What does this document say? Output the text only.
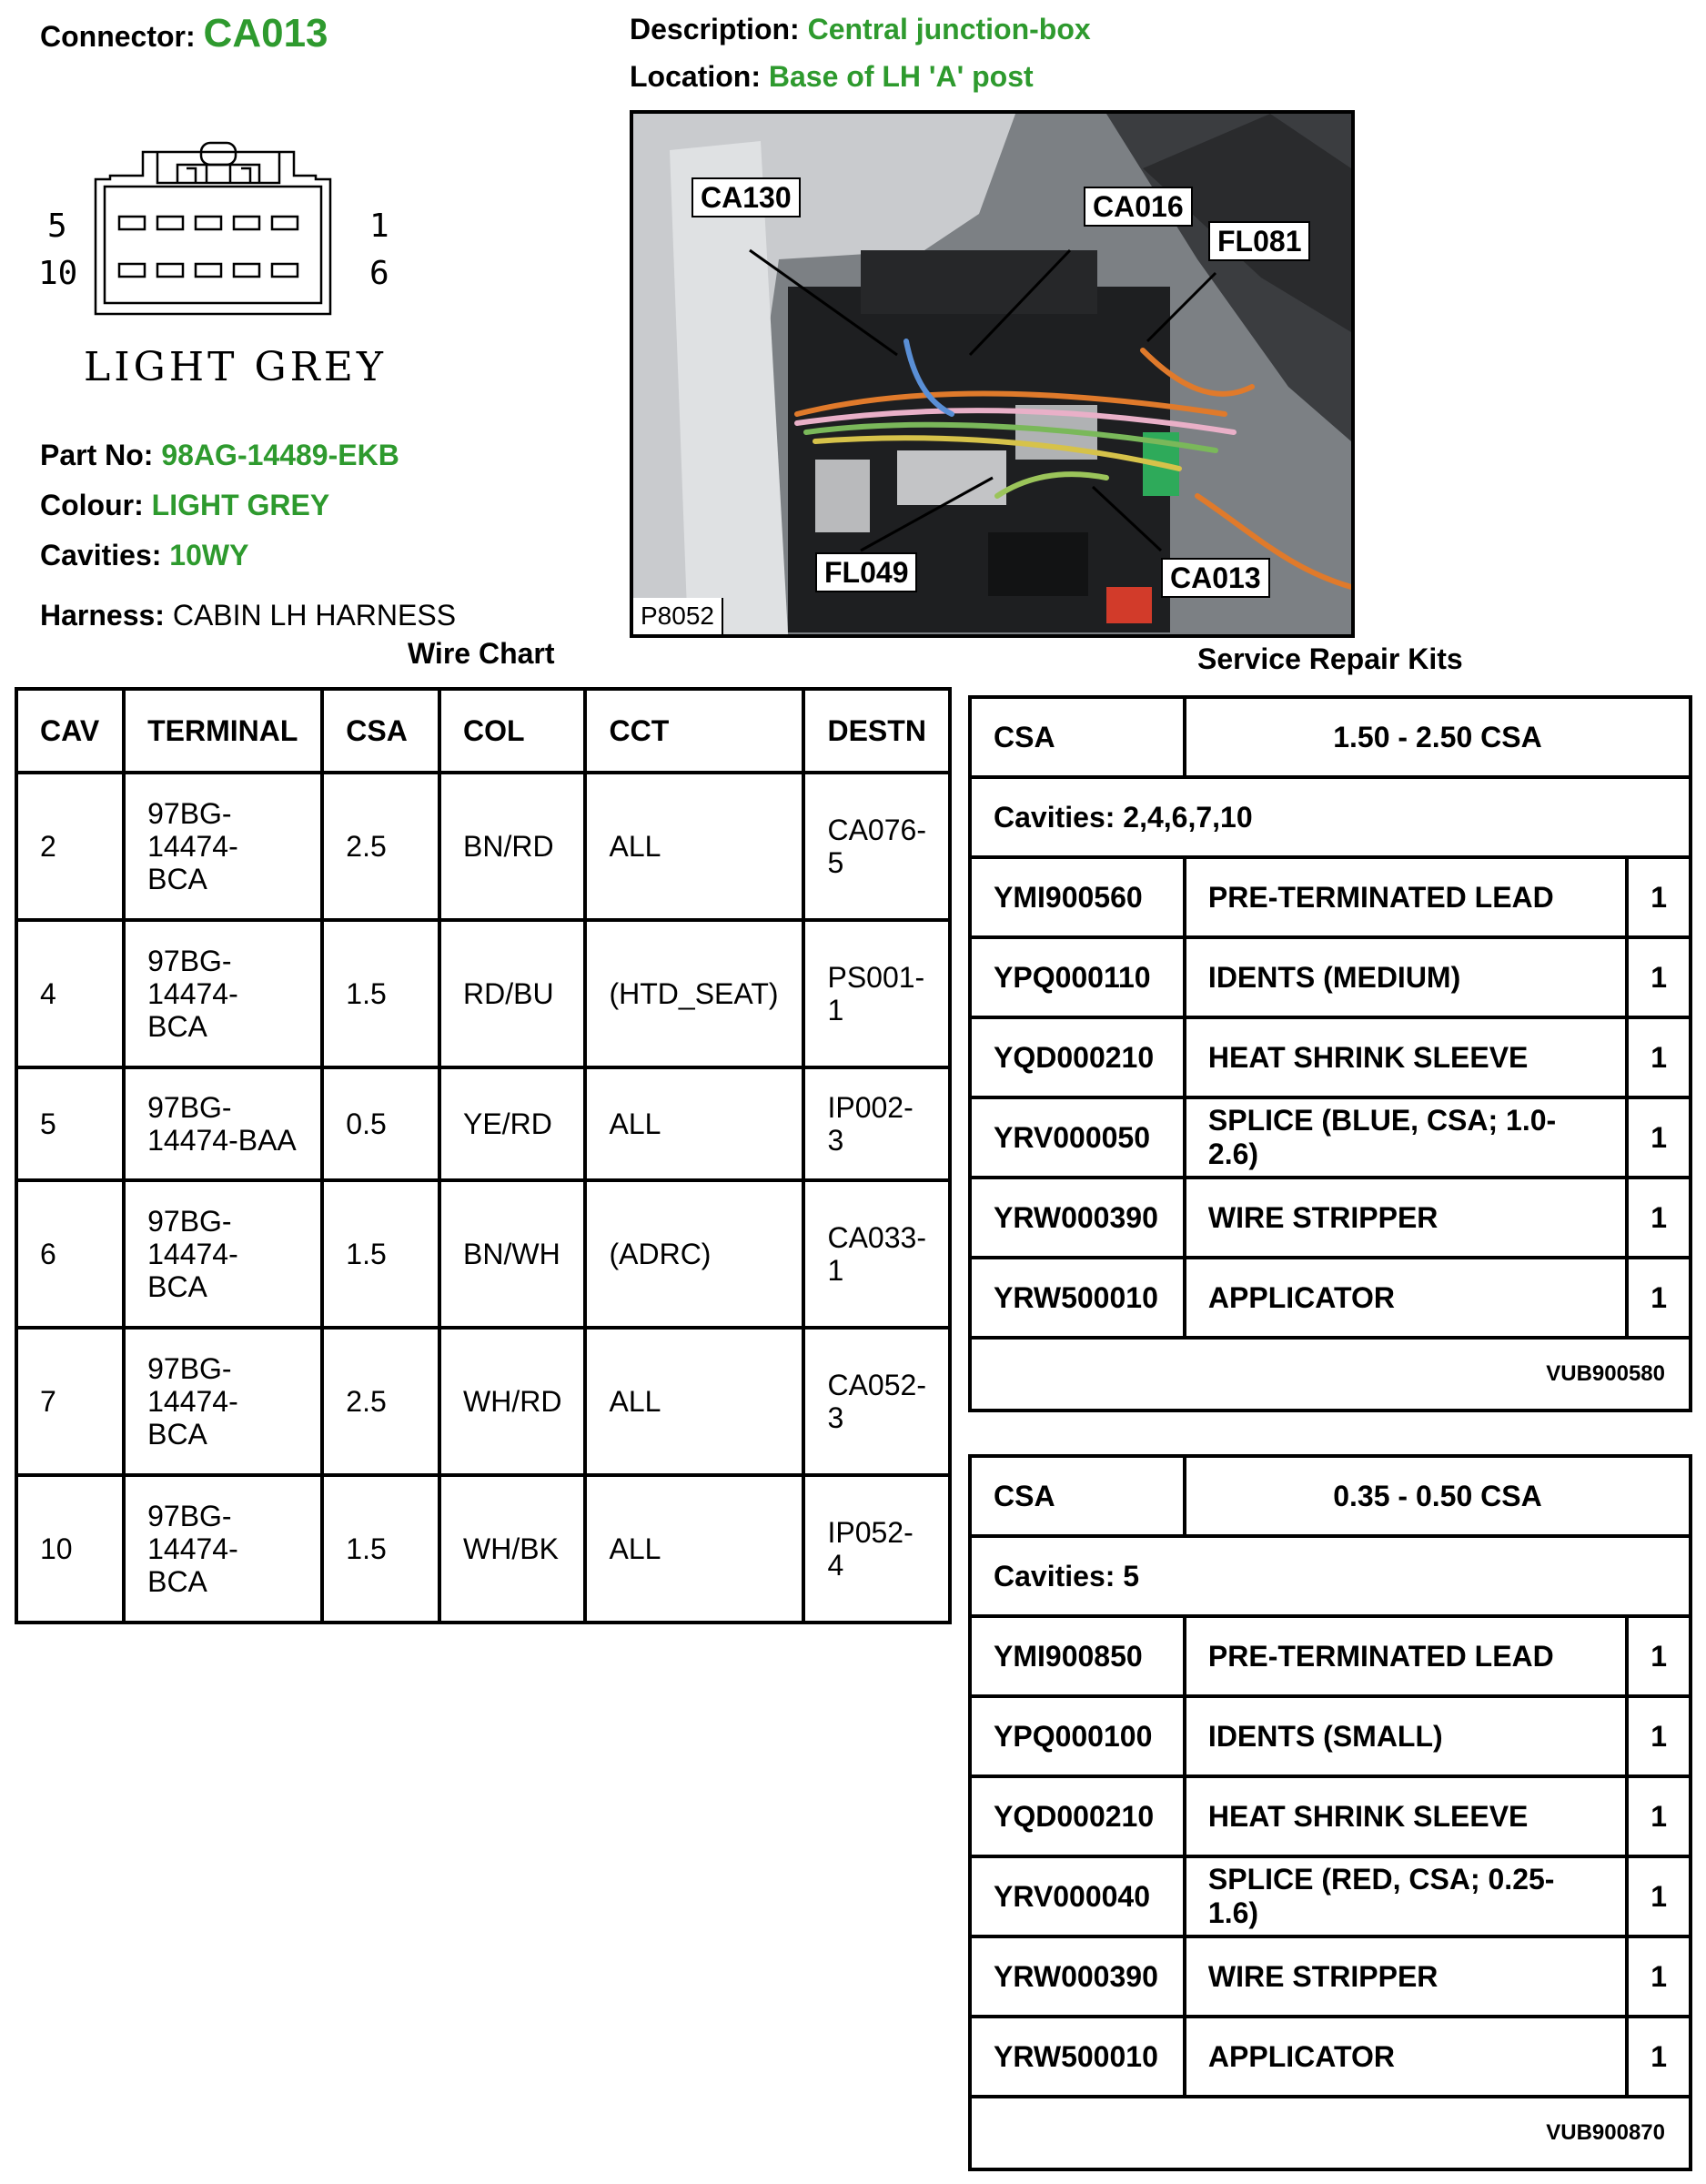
Connector: CA013	Description: Central junction-box
Location: Base of LH 'A' post
5	1
10	6
LIGHT GREY
Part No: 98AG-14489-EKB
Colour: LIGHT GREY
Cavities: 10WY
Harness: CABIN LH HARNESS
CA130	CA016
FL081
FL049	CA013
P8052
Wire Chart	Service Repair Kits
CAV	TERMINAL	CSA	COL	CCT	DESTN
2	97BG-
14474-
BCA	2.5	BN/RD	ALL	CA076-
5
4	97BG-
14474-
BCA	1.5	RD/BU	(HTD_SEAT)	PS001-
1
5	97BG-
14474-BAA	0.5	YE/RD	ALL	IP002-
3
6	97BG-
14474-
BCA	1.5	BN/WH	(ADRC)	CA033-
1
7	97BG-
14474-
BCA	2.5	WH/RD	ALL	CA052-
3
10	97BG-
14474-
BCA	1.5	WH/BK	ALL	IP052-
4
CSA	1.50 - 2.50 CSA	
Cavities: 2,4,6,7,10		
YMI900560	PRE-TERMINATED LEAD	1
YPQ000110	IDENTS (MEDIUM)	1
YQD000210	HEAT SHRINK SLEEVE	1
YRV000050	SPLICE (BLUE, CSA; 1.0-2.6)	1
YRW000390	WIRE STRIPPER	1
YRW500010	APPLICATOR	1
VUB900580		
CSA	0.35 - 0.50 CSA	
Cavities: 5		
YMI900850	PRE-TERMINATED LEAD	1
YPQ000100	IDENTS (SMALL)	1
YQD000210	HEAT SHRINK SLEEVE	1
YRV000040	SPLICE (RED, CSA; 0.25-1.6)	1
YRW000390	WIRE STRIPPER	1
YRW500010	APPLICATOR	1
VUB900870		
